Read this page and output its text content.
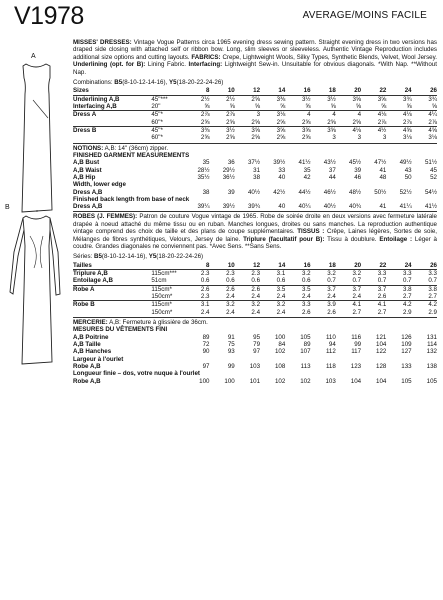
V1978	AVERAGE/MOINS FACILE
A
B

MISSES' DRESSES: Vintage Vogue Patterns circa 1965 evening dress sewing pattern. Straight evening dress in two versions has draped side closing with attached self or ribbon bow. Long, slim sleeves or sleeveless. Authentic Vintage Reproduction includes additional size options and cutting layouts. FABRICS: Crepe, Lightweight Wools, Silky Types, Synthetic Blends, Velvet, Wool Jersey. Underlining (opt. for B): Lining Fabric. Interfacing: Lightweight Sew-in. Unsuitable for obvious diagonals. *With Nap. **Without Nap.

Combinations: B5(8-10-12-14-16), Y5(18-20-22-24-26)
Sizes		8	10	12	14	16	18	20	22	24	26
Underlining A,B	45"***	2½	2½	2⅝	3⅜	3½	3½	3⅝	3⅝	3¾	3¾
Interfacing A,B	20"	⅝	⅝	⅝	⅝	⅝	⅝	⅝	⅝	⅝	⅝
Dress A	45"*	2⅞	2⅞	3	3⅛	4	4	4	4⅛	4⅛	4¼
	60"*	2⅝	2⅝	2⅝	2⅝	2⅝	2⅝	2⅝	2⅞	2⅞	2⅞
Dress B	45"*	3⅜	3½	3⅝	3⅝	3⅝	3⅝	4⅛	4½	4⅝	4⅝
	60"*	2⅝	2⅝	2⅝	2⅝	2⅝	3	3	3	3⅛	3⅛
NOTIONS: A,B: 14" (36cm) zipper.
FINISHED GARMENT MEASUREMENTS
A,B Bust		35	36	37½	39½	41½	43½	45½	47½	49½	51½
A,B Waist		28½	29½	31	33	35	37	39	41	43	45
A,B Hip		35½	36½	38	40	42	44	46	48	50	52
Width, lower edge											
Dress A,B		38	39	40½	42½	44½	46½	48½	50½	52½	54½
Finished back length from base of neck											
Dress A,B		39¼	39½	39¾	40	40¼	40½	40¾	41	41¼	41½

ROBES (J. FEMMES): Patron de couture Vogue vintage de 1965. Robe de soirée droite en deux versions avec fermeture latérale drapée à noeud attaché du même tissu ou en ruban. Manches longues, droites ou sans manches. La reproduction authentique vintage comprend des choix de taille et des plans de coupe supplémentaires. TISSUS : Crêpe, Laines légères, Sortes de soie, Mélanges de fibres synthétiques, Velours, Jersey de laine. Triplure (facultatif pour B): Tissu à doublure. Entoilage : Léger à coudre. Grandes diagonales ne conviennent pas. *Avec Sens. **Sans Sens.

Séries: B5(8-10-12-14-16), Y5(18-20-22-24-26)
Tailles		8	10	12	14	16	18	20	22	24	26
Triplure A,B	115cm***	2.3	2.3	2.3	3.1	3.2	3.2	3.2	3.3	3.3	3.3
Entoilage A,B	51cm	0.6	0.6	0.6	0.6	0.6	0.7	0.7	0.7	0.7	0.7
Robe A	115cm*	2.6	2.6	2.6	3.5	3.5	3.7	3.7	3.7	3.8	3.8
	150cm*	2.3	2.4	2.4	2.4	2.4	2.4	2.4	2.6	2.7	2.7
Robe B	115cm*	3.1	3.2	3.2	3.2	3.3	3.9	4.1	4.1	4.2	4.2
	150cm*	2.4	2.4	2.4	2.4	2.6	2.6	2.7	2.7	2.9	2.9
MERCERIE: A,B: Fermeture à glissière de 36cm.
MESURES DU VÊTEMENTS FINI
A,B Poitrine		89	91	95	100	105	110	116	121	126	131
A,B Taille		72	75	79	84	89	94	99	104	109	114
A,B Hanches		90	93	97	102	107	112	117	122	127	132
Largeur à l'ourlet											
Robe A,B		97	99	103	108	113	118	123	128	133	138
Longueur finie – dos, votre nuque à l'ourlet											
Robe A,B		100	100	101	102	102	103	104	104	105	105
